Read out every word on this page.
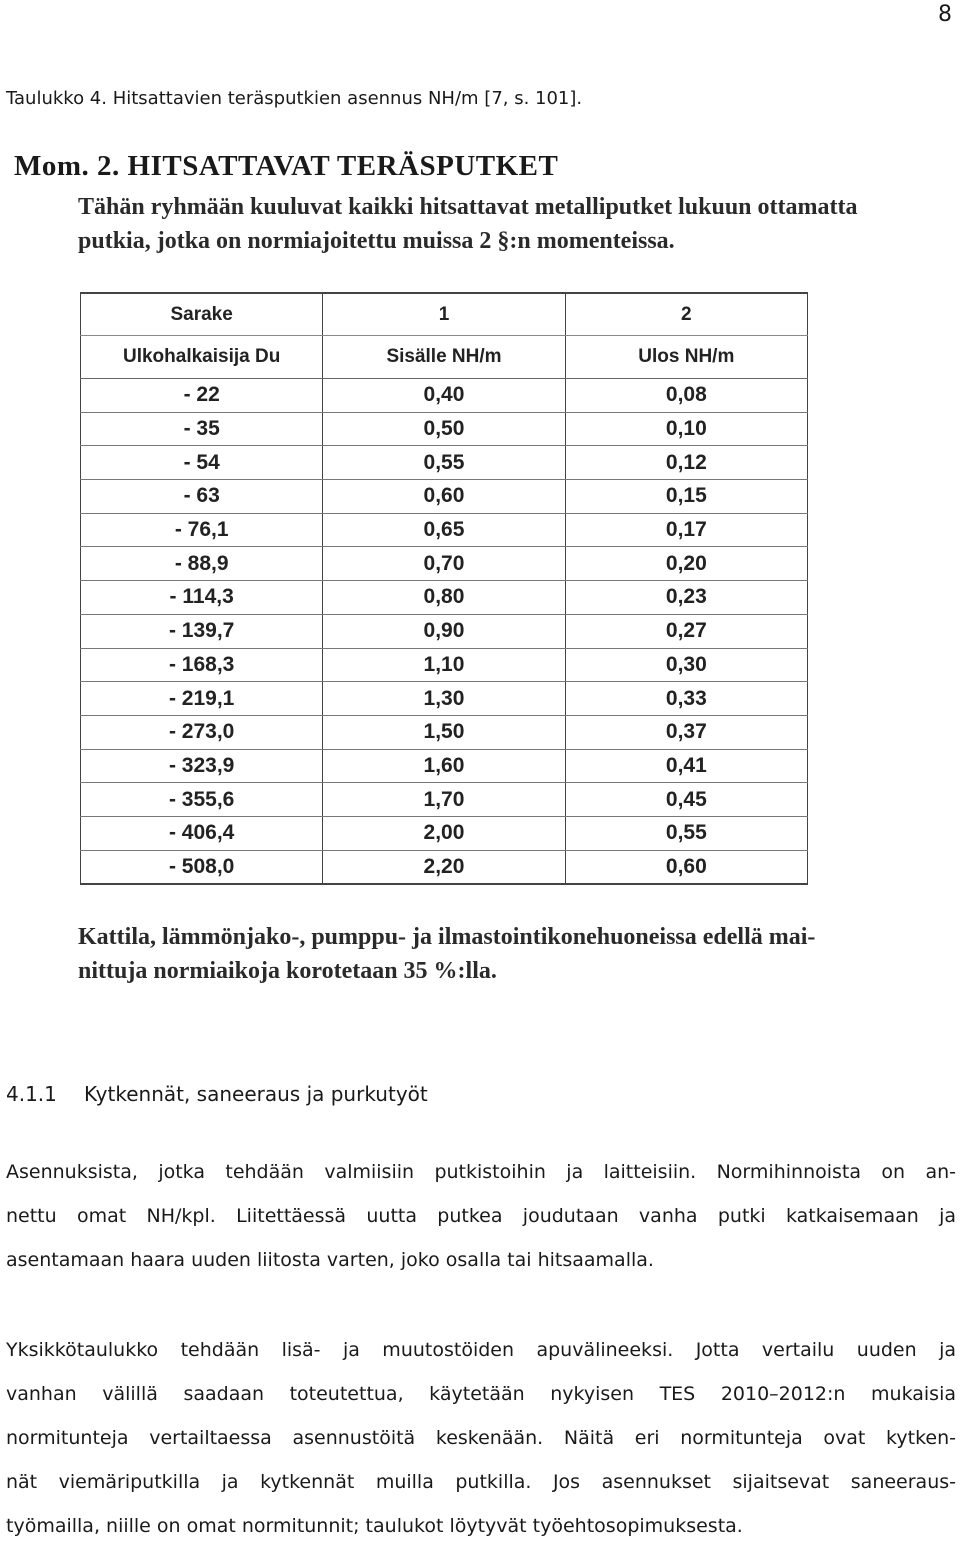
8
Taulukko 4. Hitsattavien teräsputkien asennus NH/m [7, s. 101].
Mom. 2. HITSATTAVAT TERÄSPUTKET
Tähän ryhmään kuuluvat kaikki hitsattavat metalliputket lukuun ottamatta
putkia, jotka on normiajoitettu muissa 2 §:n momenteissa.
Sarake	1	2
Ulkohalkaisija Du	Sisälle NH/m	Ulos NH/m
- 22	0,40	0,08
- 35	0,50	0,10
- 54	0,55	0,12
- 63	0,60	0,15
- 76,1	0,65	0,17
- 88,9	0,70	0,20
- 114,3	0,80	0,23
- 139,7	0,90	0,27
- 168,3	1,10	0,30
- 219,1	1,30	0,33
- 273,0	1,50	0,37
- 323,9	1,60	0,41
- 355,6	1,70	0,45
- 406,4	2,00	0,55
- 508,0	2,20	0,60
Kattila, lämmönjako-, pumppu- ja ilmastointikonehuoneissa edellä mai-
nittuja normiaikoja korotetaan 35 %:lla.
4.1.1 Kytkennät, saneeraus ja purkutyöt
Asennuksista, jotka tehdään valmiisiin putkistoihin ja laitteisiin. Normihinnoista on an-
nettu omat NH/kpl. Liitettäessä uutta putkea joudutaan vanha putki katkaisemaan ja
asentamaan haara uuden liitosta varten, joko osalla tai hitsaamalla.
Yksikkötaulukko tehdään lisä- ja muutostöiden apuvälineeksi. Jotta vertailu uuden ja
vanhan välillä saadaan toteutettua, käytetään nykyisen TES 2010–2012:n mukaisia
normitunteja vertailtaessa asennustöitä keskenään. Näitä eri normitunteja ovat kytken-
nät viemäriputkilla ja kytkennät muilla putkilla. Jos asennukset sijaitsevat saneeraus-
työmailla, niille on omat normitunnit; taulukot löytyvät työehtosopimuksesta.
